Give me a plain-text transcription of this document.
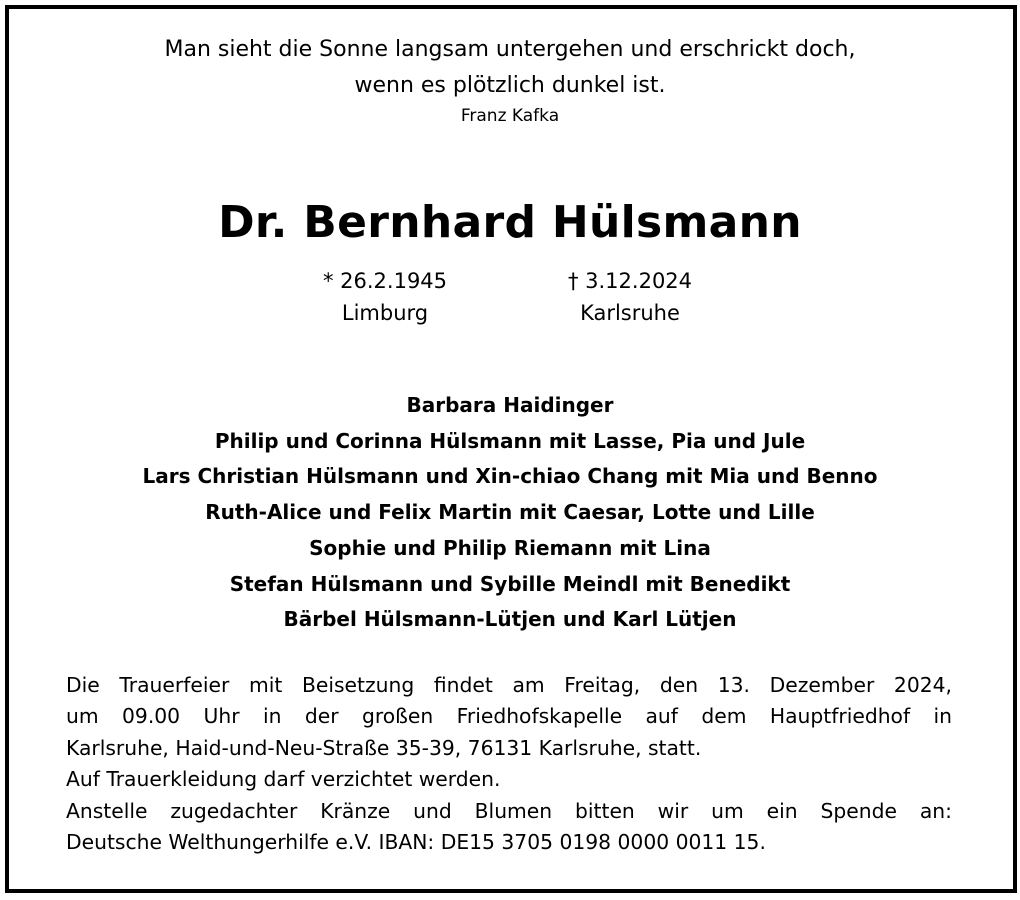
Man sieht die Sonne langsam untergehen und erschrickt doch,
wenn es plötzlich dunkel ist.
Franz Kafka
Dr. Bernhard Hülsmann
* 26.2.1945
Limburg
† 3.12.2024
Karlsruhe
Barbara Haidinger
Philip und Corinna Hülsmann mit Lasse, Pia und Jule
Lars Christian Hülsmann und Xin-chiao Chang mit Mia und Benno
Ruth-Alice und Felix Martin mit Caesar, Lotte und Lille
Sophie und Philip Riemann mit Lina
Stefan Hülsmann und Sybille Meindl mit Benedikt
Bärbel Hülsmann-Lütjen und Karl Lütjen
Die Trauerfeier mit Beisetzung findet am Freitag, den 13. Dezember 2024,
um 09.00 Uhr in der großen Friedhofskapelle auf dem Hauptfriedhof in
Karlsruhe, Haid-und-Neu-Straße 35-39, 76131 Karlsruhe, statt.
Auf Trauerkleidung darf verzichtet werden.
Anstelle zugedachter Kränze und Blumen bitten wir um ein Spende an:
Deutsche Welthungerhilfe e.V. IBAN: DE15 3705 0198 0000 0011 15.
